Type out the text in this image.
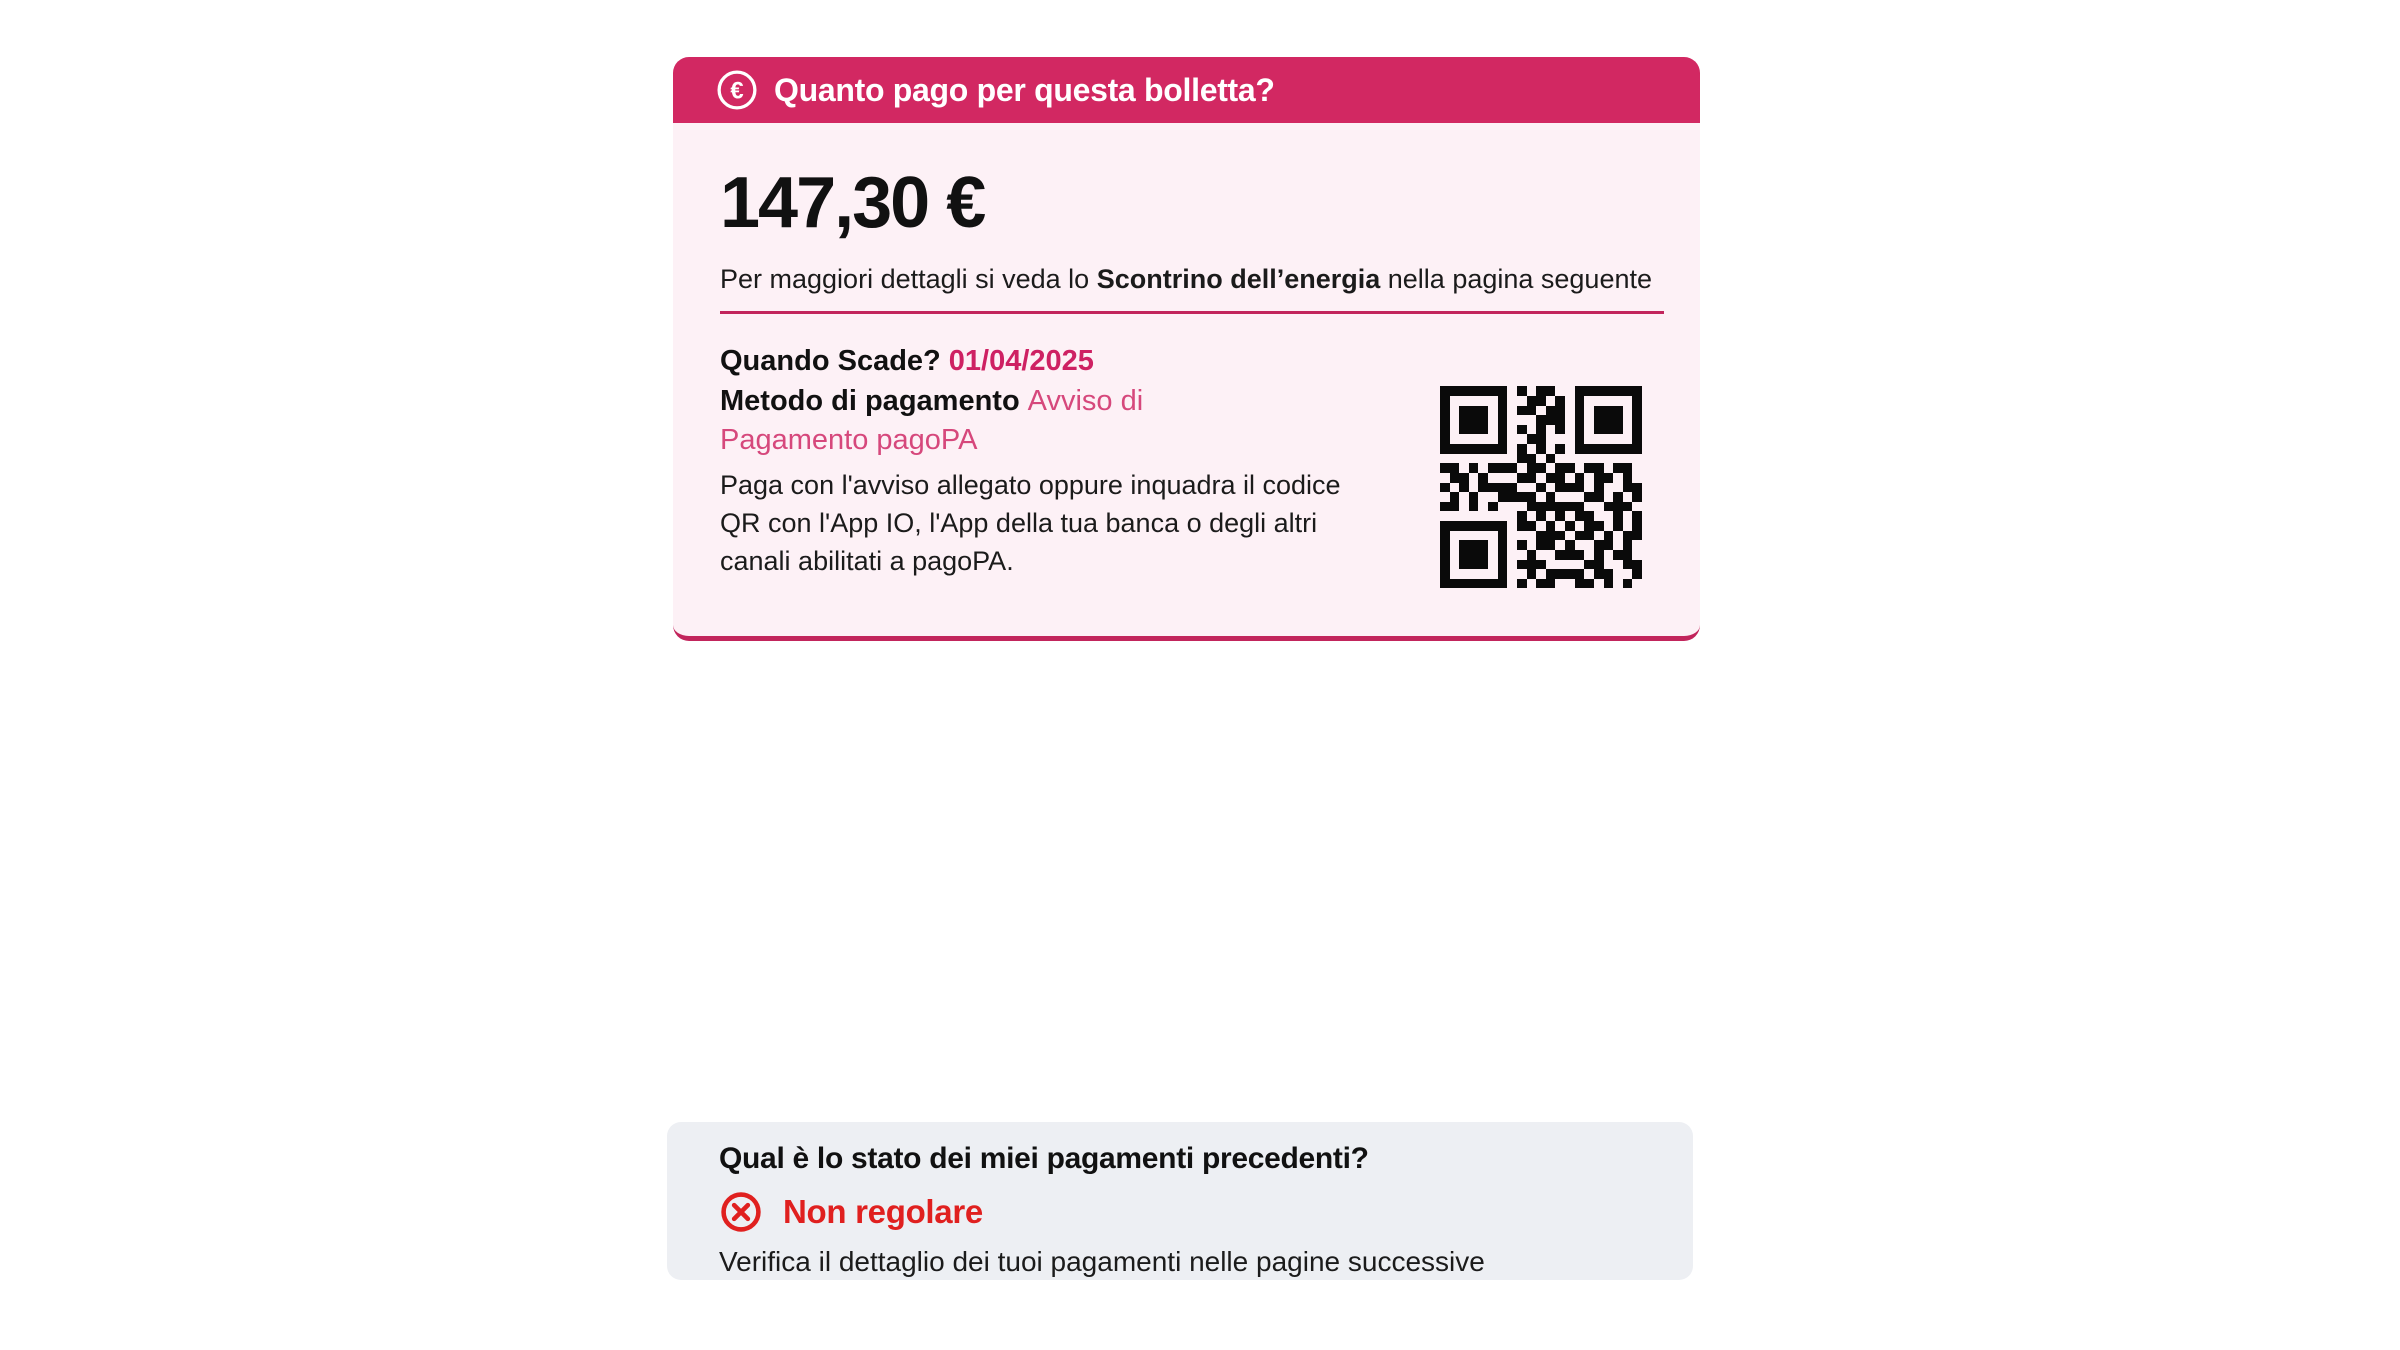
€ Quanto pago per questa bolletta?
147,30 €
Per maggiori dettagli si veda lo Scontrino dell’energia nella pagina seguente
Quando Scade? 01/04/2025
Metodo di pagamento Avviso di Pagamento pagoPA
Paga con l'avviso allegato oppure inquadra il codice QR con l'App IO, l'App della tua banca o degli altri canali abilitati a pagoPA.
Qual è lo stato dei miei pagamenti precedenti?
Non regolare
Verifica il dettaglio dei tuoi pagamenti nelle pagine successive
